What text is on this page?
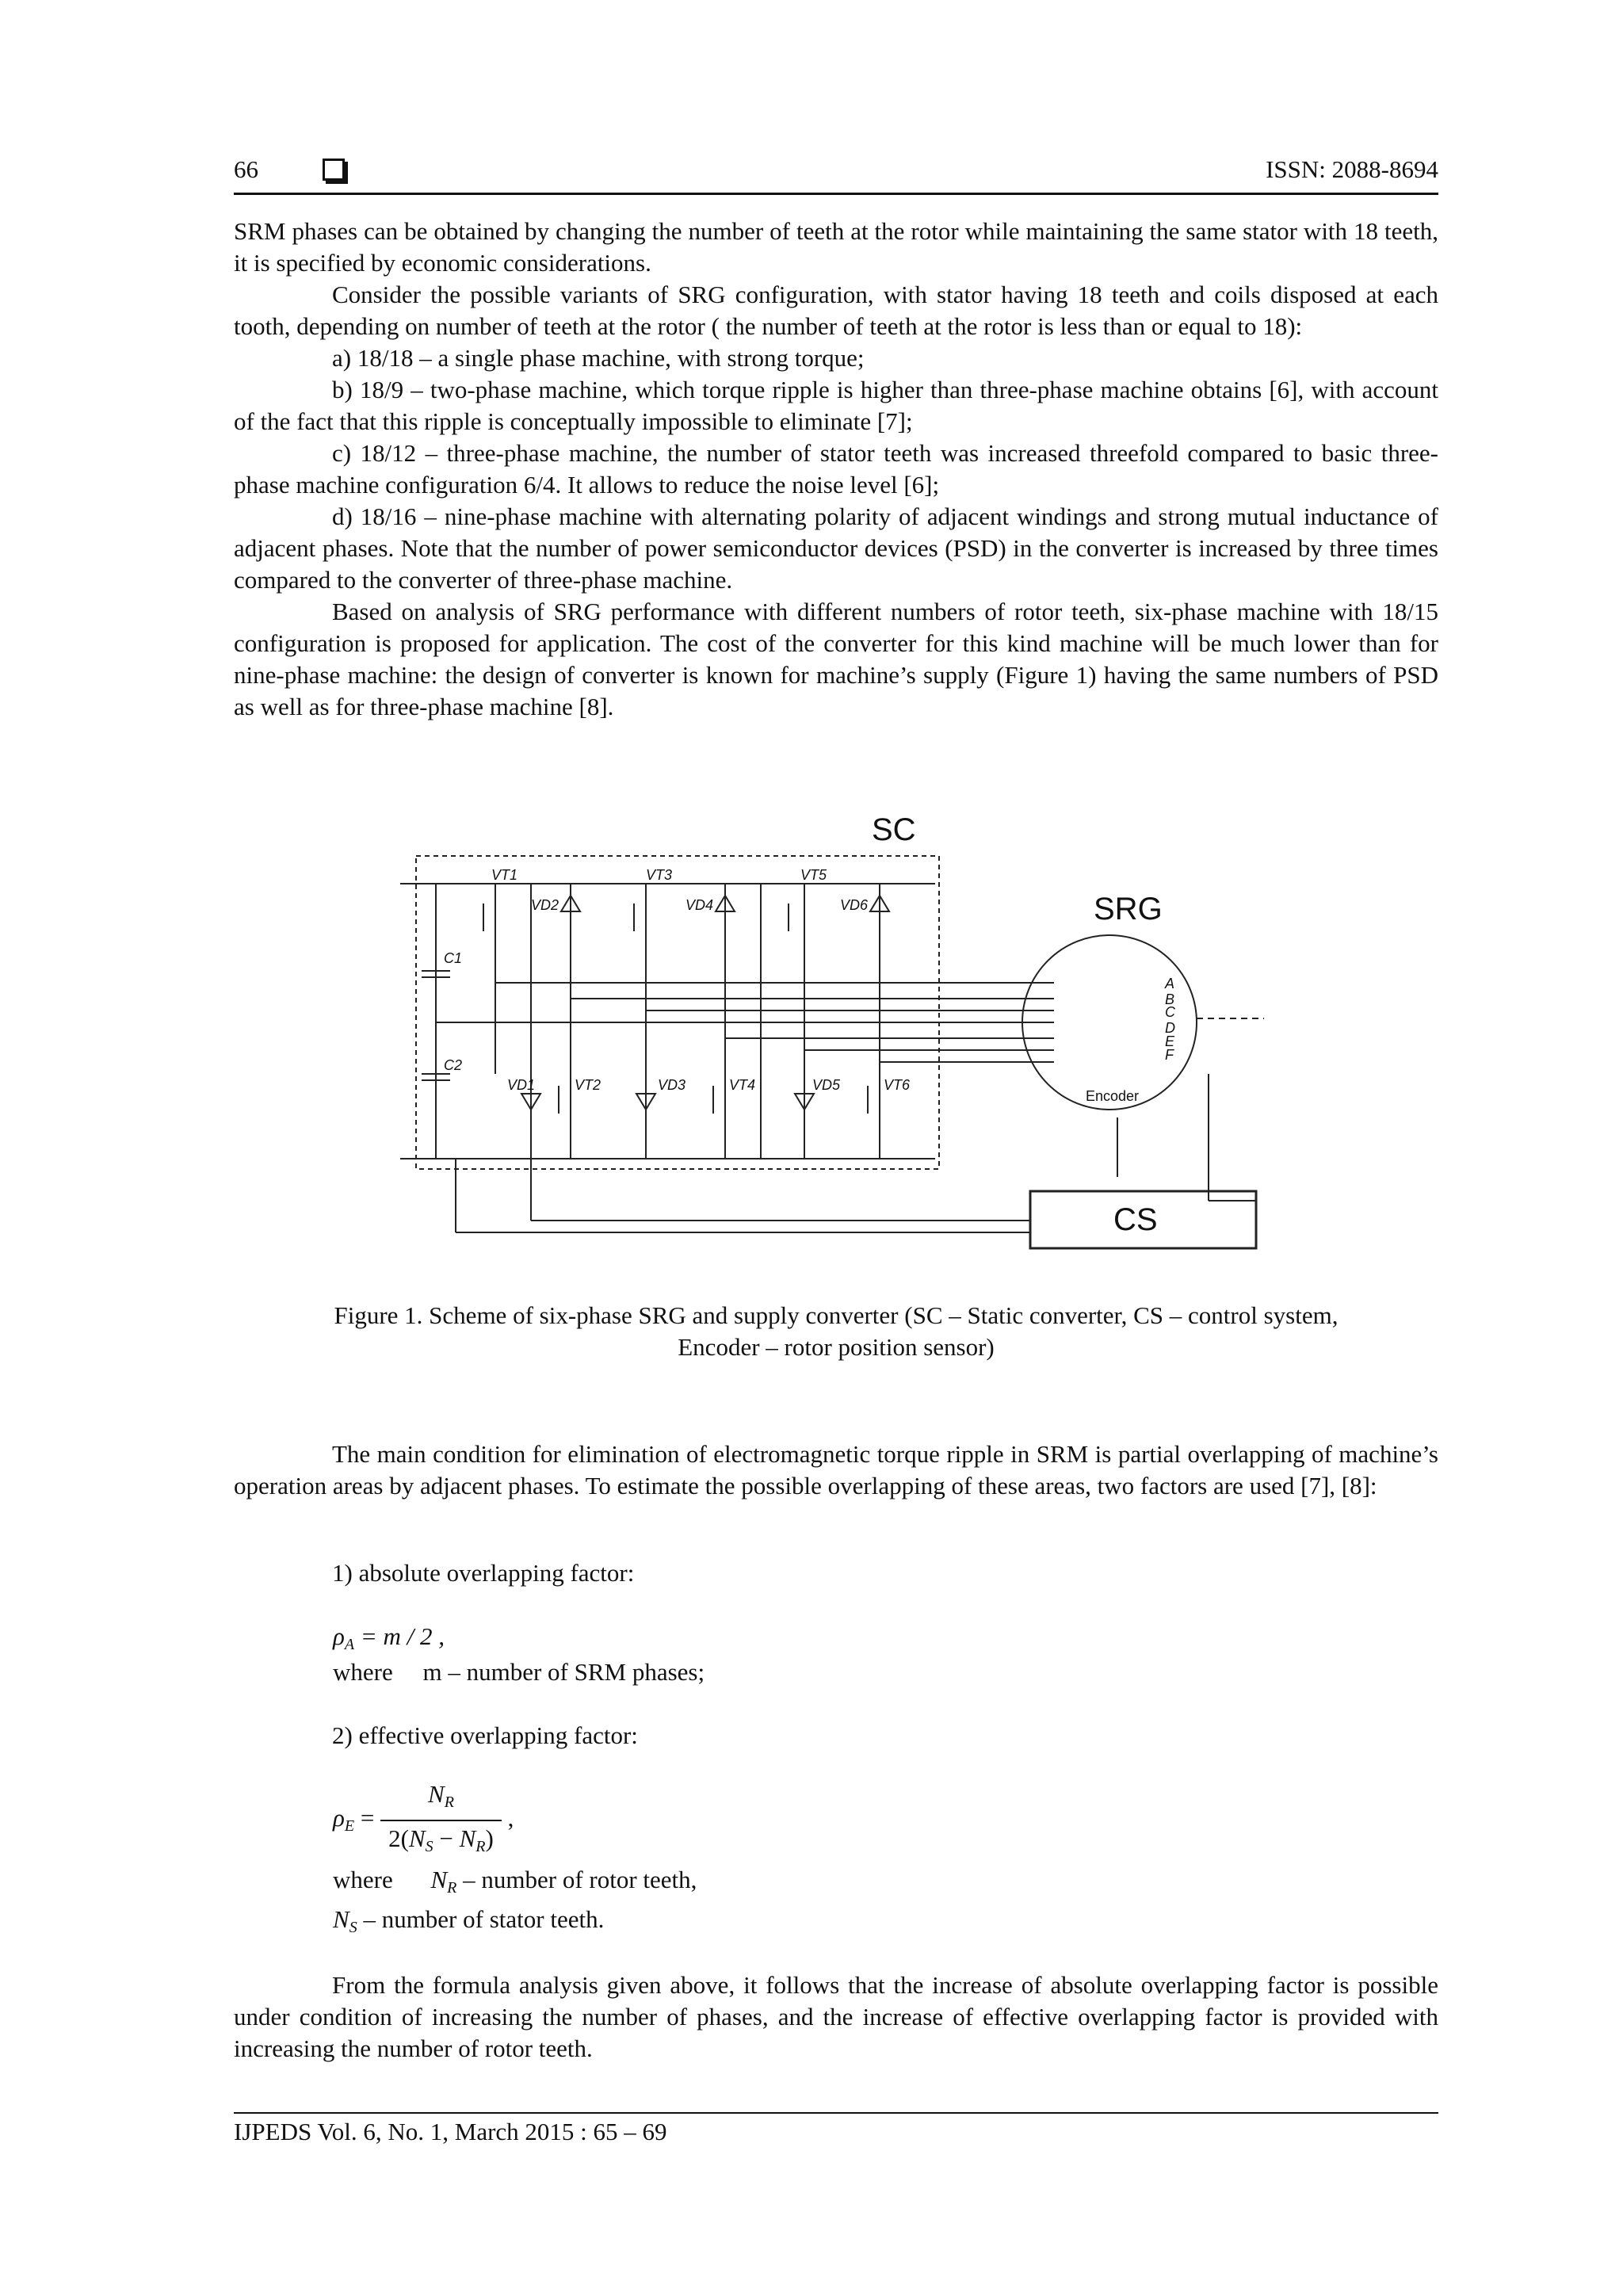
66	ISSN: 2088-8694

SRM phases can be obtained by changing the number of teeth at the rotor while maintaining the same stator with 18 teeth, it is specified by economic considerations.

Consider the possible variants of SRG configuration, with stator having 18 teeth and coils disposed at each tooth, depending on number of teeth at the rotor ( the number of teeth at the rotor is less than or equal to 18):

a) 18/18 – a single phase machine, with strong torque;

b) 18/9 – two-phase machine, which torque ripple is higher than three-phase machine obtains [6], with account of the fact that this ripple is conceptually impossible to eliminate [7];

c) 18/12 – three-phase machine, the number of stator teeth was increased threefold compared to basic three-phase machine configuration 6/4. It allows to reduce the noise level [6];

d) 18/16 – nine-phase machine with alternating polarity of adjacent windings and strong mutual inductance of adjacent phases. Note that the number of power semiconductor devices (PSD) in the converter is increased by three times compared to the converter of three-phase machine.

Based on analysis of SRG performance with different numbers of rotor teeth, six-phase machine with 18/15 configuration is proposed for application. The cost of the converter for this kind machine will be much lower than for nine-phase machine: the design of converter is known for machine’s supply (Figure 1) having the same numbers of PSD as well as for three-phase machine [8].

SC
SRG
CS
Encoder
C1
C2
VT1
VT2
VT3
VT4
VT5
VT6
VD1
VD2
VD3
VD4
VD5
VD6
A
B
C
D
E
F
Figure 1. Scheme of six-phase SRG and supply converter (SC – Static converter, CS – control system,
Encoder – rotor position sensor)

The main condition for elimination of electromagnetic torque ripple in SRM is partial overlapping of machine’s operation areas by adjacent phases. To estimate the possible overlapping of these areas, two factors are used [7], [8]:

1) absolute overlapping factor:

$\rho_A = m / 2$ ,
where m – number of SRM phases;

2) effective overlapping factor:

$\rho_E = \frac{N_R}{2(N_S - N_R)}$ ,
where $N_R$ – number of rotor teeth,
$N_S$ – number of stator teeth.

From the formula analysis given above, it follows that the increase of absolute overlapping factor is possible under condition of increasing the number of phases, and the increase of effective overlapping factor is provided with increasing the number of rotor teeth.

IJPEDS Vol. 6, No. 1, March 2015 : 65 – 69
